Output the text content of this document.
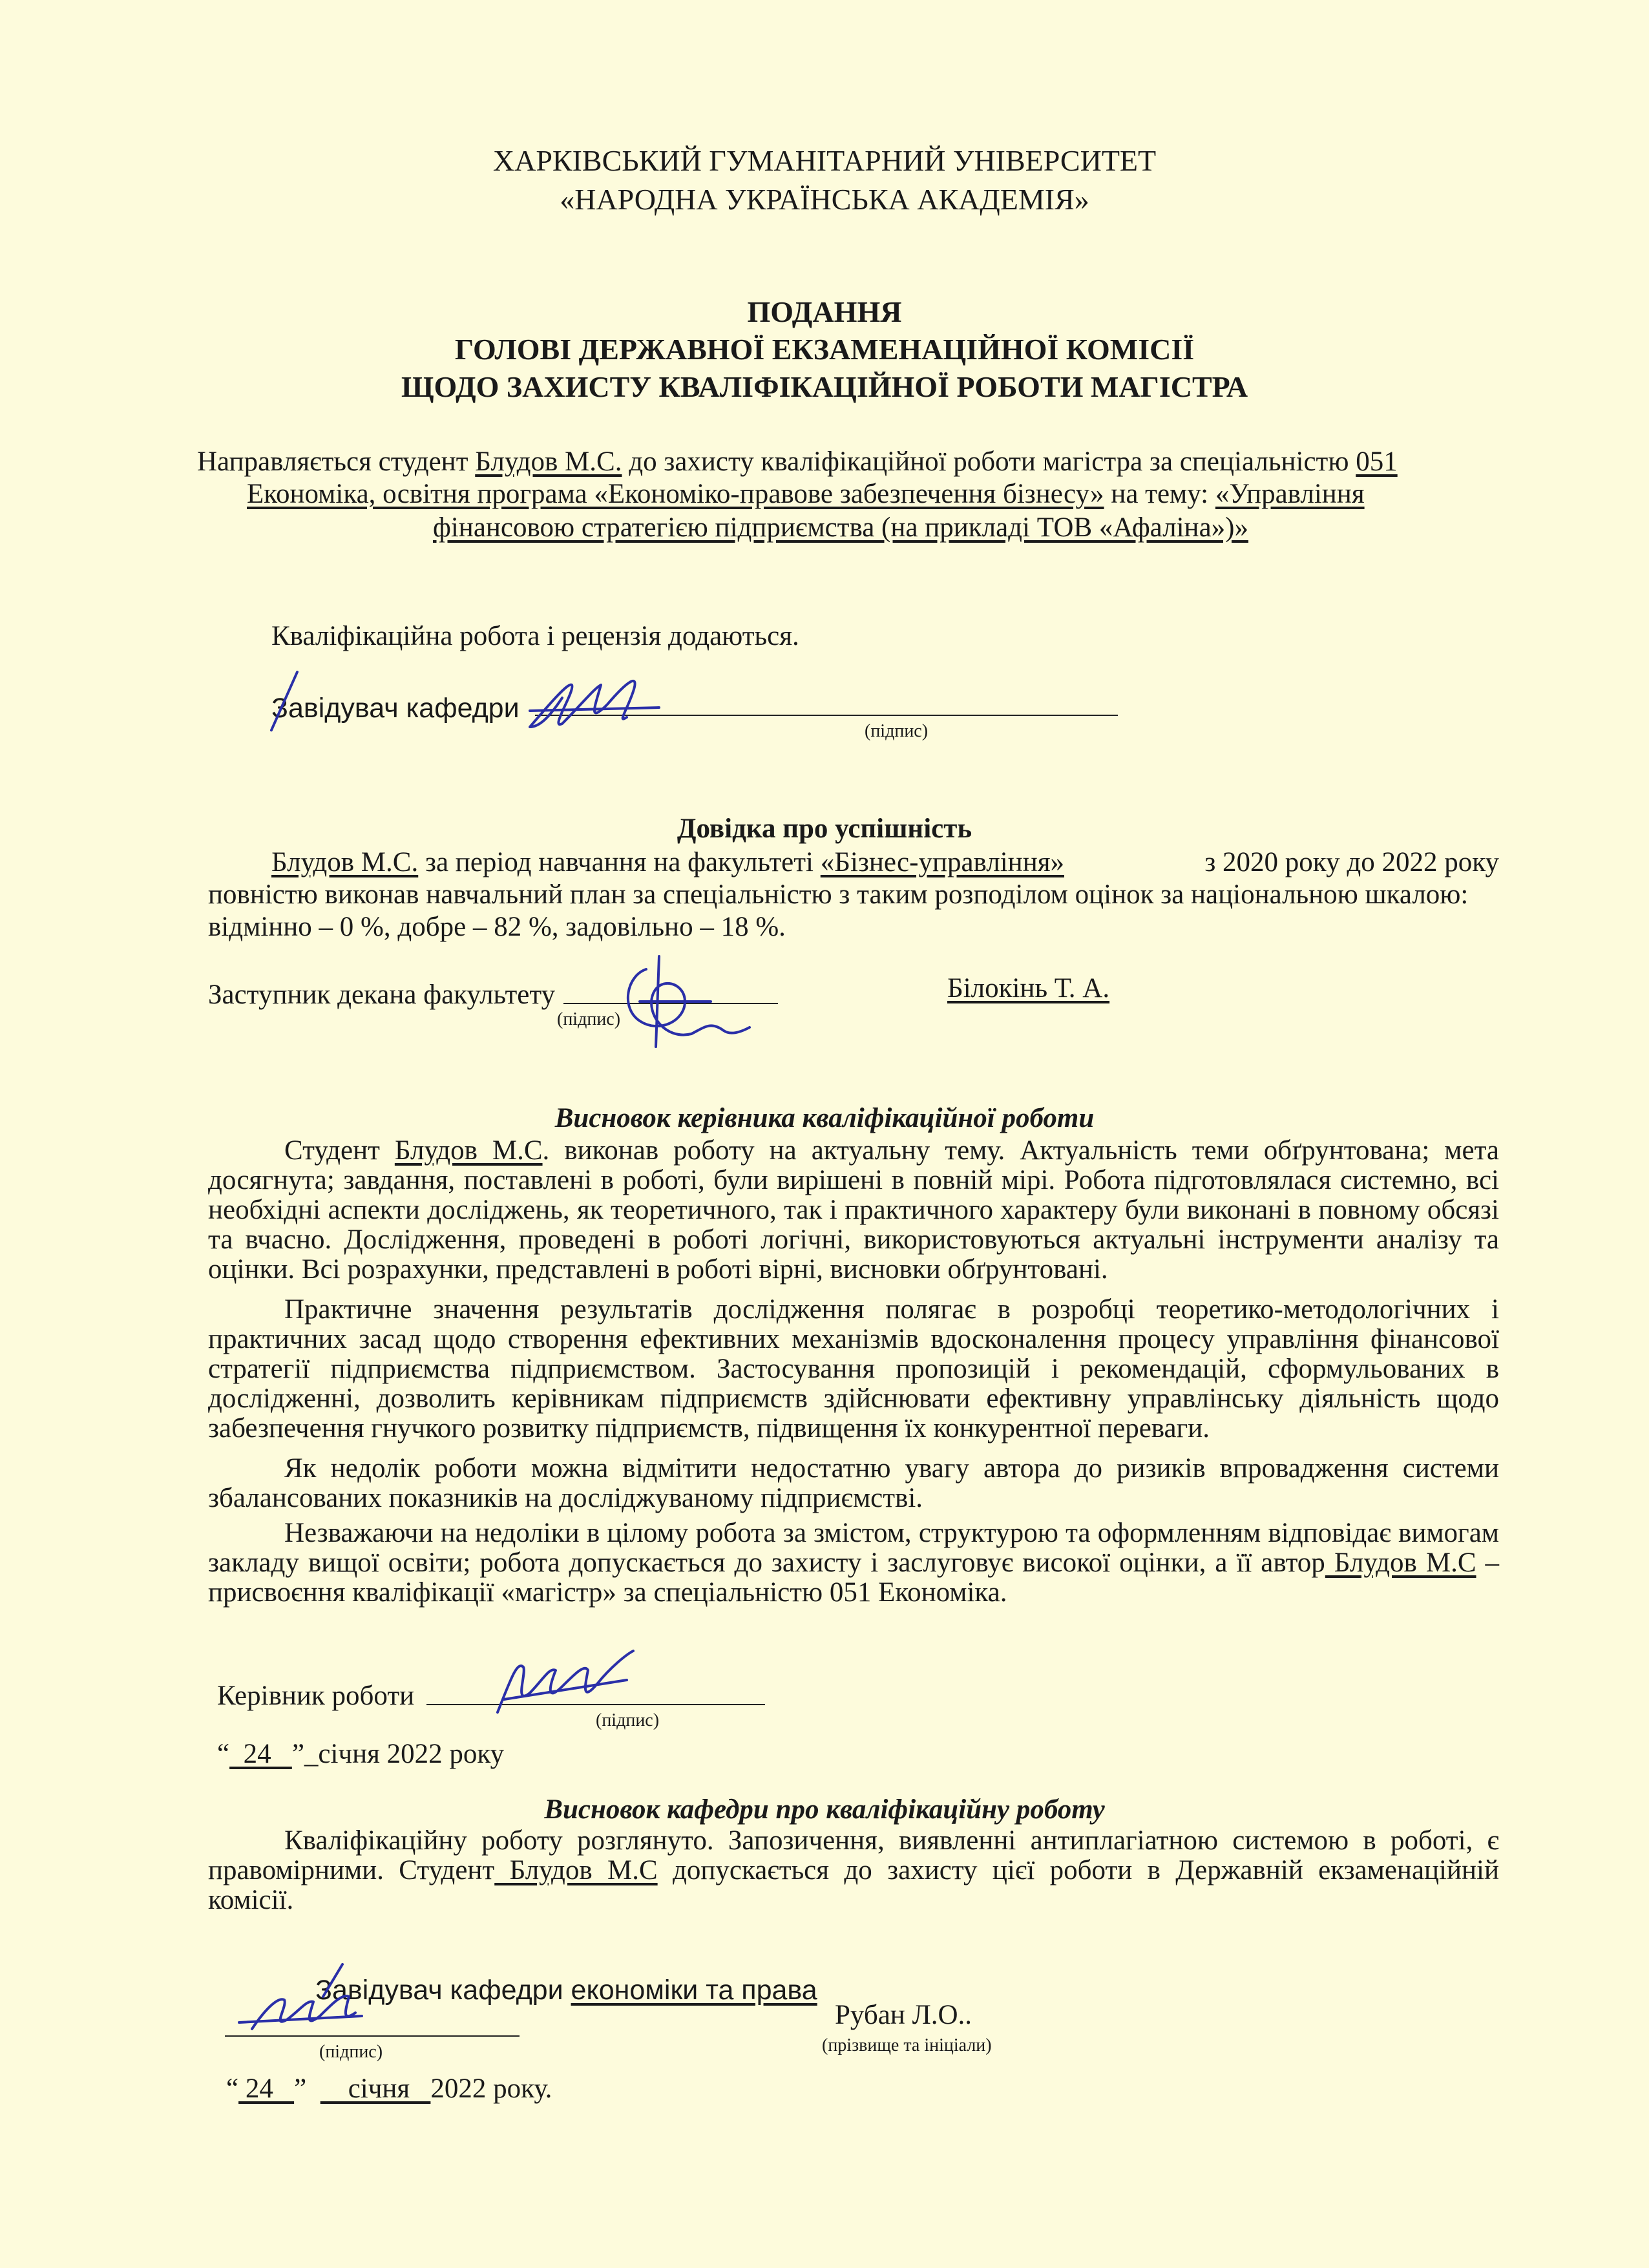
ХАРКІВСЬКИЙ ГУМАНІТАРНИЙ УНІВЕРСИТЕТ
«НАРОДНА УКРАЇНСЬКА АКАДЕМІЯ»
ПОДАННЯ
ГОЛОВІ ДЕРЖАВНОЇ ЕКЗАМЕНАЦІЙНОЇ КОМІСІЇ
ЩОДО ЗАХИСТУ КВАЛІФІКАЦІЙНОЇ РОБОТИ МАГІСТРА
Направляється студент Блудов М.С. до захисту кваліфікаційної роботи магістра за спеціальністю 051
Економіка, освітня програма «Економіко-правове забезпечення бізнесу» на тему: «Управління
фінансовою стратегією підприємства (на прикладі ТОВ «Афаліна»)»
Кваліфікаційна робота і рецензія додаються.
Завідувач кафедри
(підпис)
Довідка про успішність
Блудов М.С. за період навчання на факультеті «Бізнес-управління»	з 2020 року до 2022 року
повністю виконав навчальний план за спеціальністю з таким розподілом оцінок за національною шкалою:
відмінно – 0 %, добре – 82 %, задовільно – 18 %.
Заступник декана факультету
(підпис)
Білокінь Т. А.
Висновок керівника кваліфікаційної роботи
Студент Блудов М.С. виконав роботу на актуальну тему. Актуальність теми обґрунтована; мета досягнута; завдання, поставлені в роботі, були вирішені в повній мірі. Робота підготовлялася системно, всі необхідні аспекти досліджень, як теоретичного, так і практичного характеру були виконані в повному обсязі та вчасно. Дослідження, проведені в роботі логічні, використовуються актуальні інструменти аналізу та оцінки. Всі розрахунки, представлені в роботі вірні, висновки обґрунтовані.
Практичне значення результатів дослідження полягає в розробці теоретико-методологічних і практичних засад щодо створення ефективних механізмів вдосконалення процесу управління фінансової стратегії підприємства підприємством. Застосування пропозицій і рекомендацій, сформульованих в дослідженні, дозволить керівникам підприємств здійснювати ефективну управлінську діяльність щодо забезпечення гнучкого розвитку підприємств, підвищення їх конкурентної переваги.
Як недолік роботи можна відмітити недостатню увагу автора до ризиків впровадження системи збалансованих показників на досліджуваному підприємстві.
Незважаючи на недоліки в цілому робота за змістом, структурою та оформленням відповідає вимогам закладу вищої освіти; робота допускається до захисту і заслуговує високої оцінки, а її автор Блудов М.С – присвоєння кваліфікації «магістр» за спеціальністю 051 Економіка.
Керівник роботи
(підпис)
“  24   ”_січня 2022 року
Висновок кафедри про кваліфікаційну роботу
Кваліфікаційну роботу розглянуто. Запозичення, виявленні антиплагіатною системою в роботі, є правомірними. Студент Блудов М.С допускається до захисту цієї роботи в Державній екзаменаційній комісії.
Завідувач кафедри економіки та права
Рубан Л.О..
(прізвище та ініціали)
(підпис)
“ 24   ”      січня   2022 року.
